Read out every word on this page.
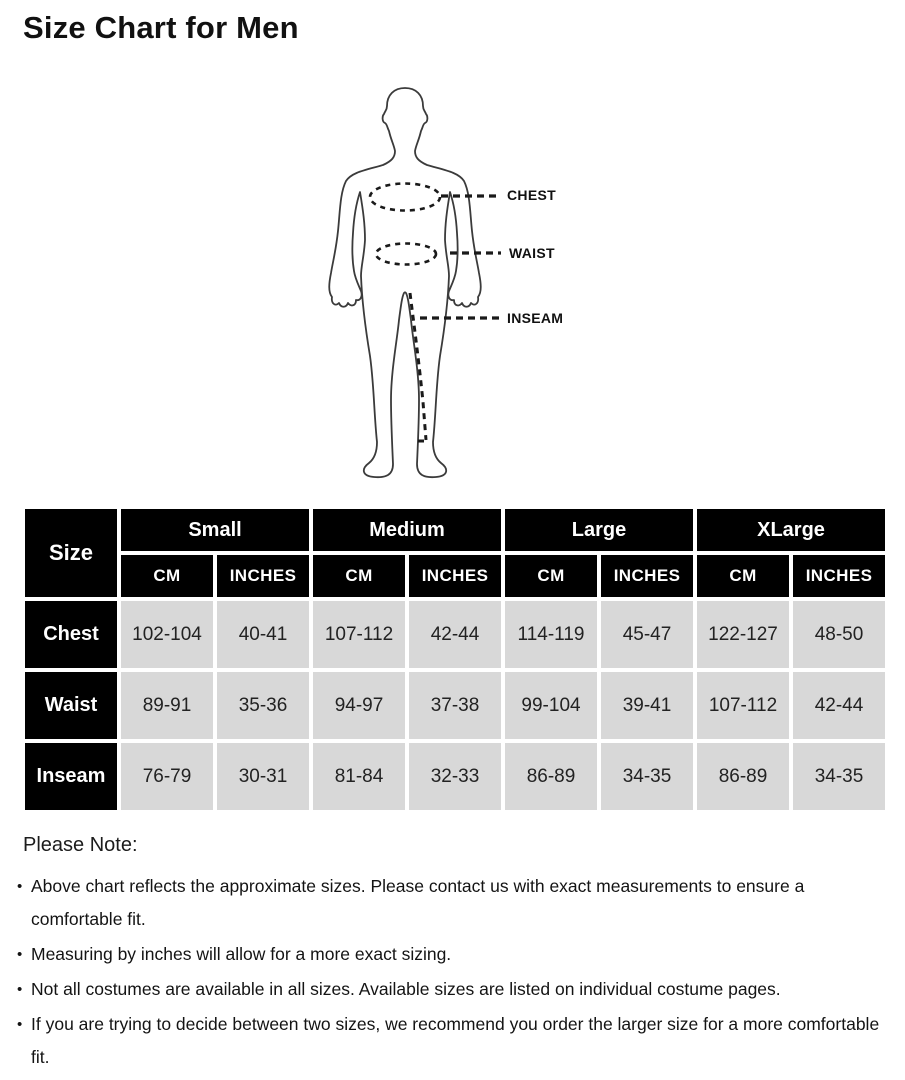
Size Chart for Men
CHEST
WAIST
INSEAM
Size	Small		Medium		Large		XLarge	
	CM	INCHES	CM	INCHES	CM	INCHES	CM	INCHES
Chest	102-104	40-41	107-112	42-44	114-119	45-47	122-127	48-50
Waist	89-91	35-36	94-97	37-38	99-104	39-41	107-112	42-44
Inseam	76-79	30-31	81-84	32-33	86-89	34-35	86-89	34-35

Please Note:

• Above chart reflects the approximate sizes. Please contact us with exact measurements to ensure a comfortable fit.
• Measuring by inches will allow for a more exact sizing.
• Not all costumes are available in all sizes. Available sizes are listed on individual costume pages.
• If you are trying to decide between two sizes, we recommend you order the larger size for a more comfortable fit.
